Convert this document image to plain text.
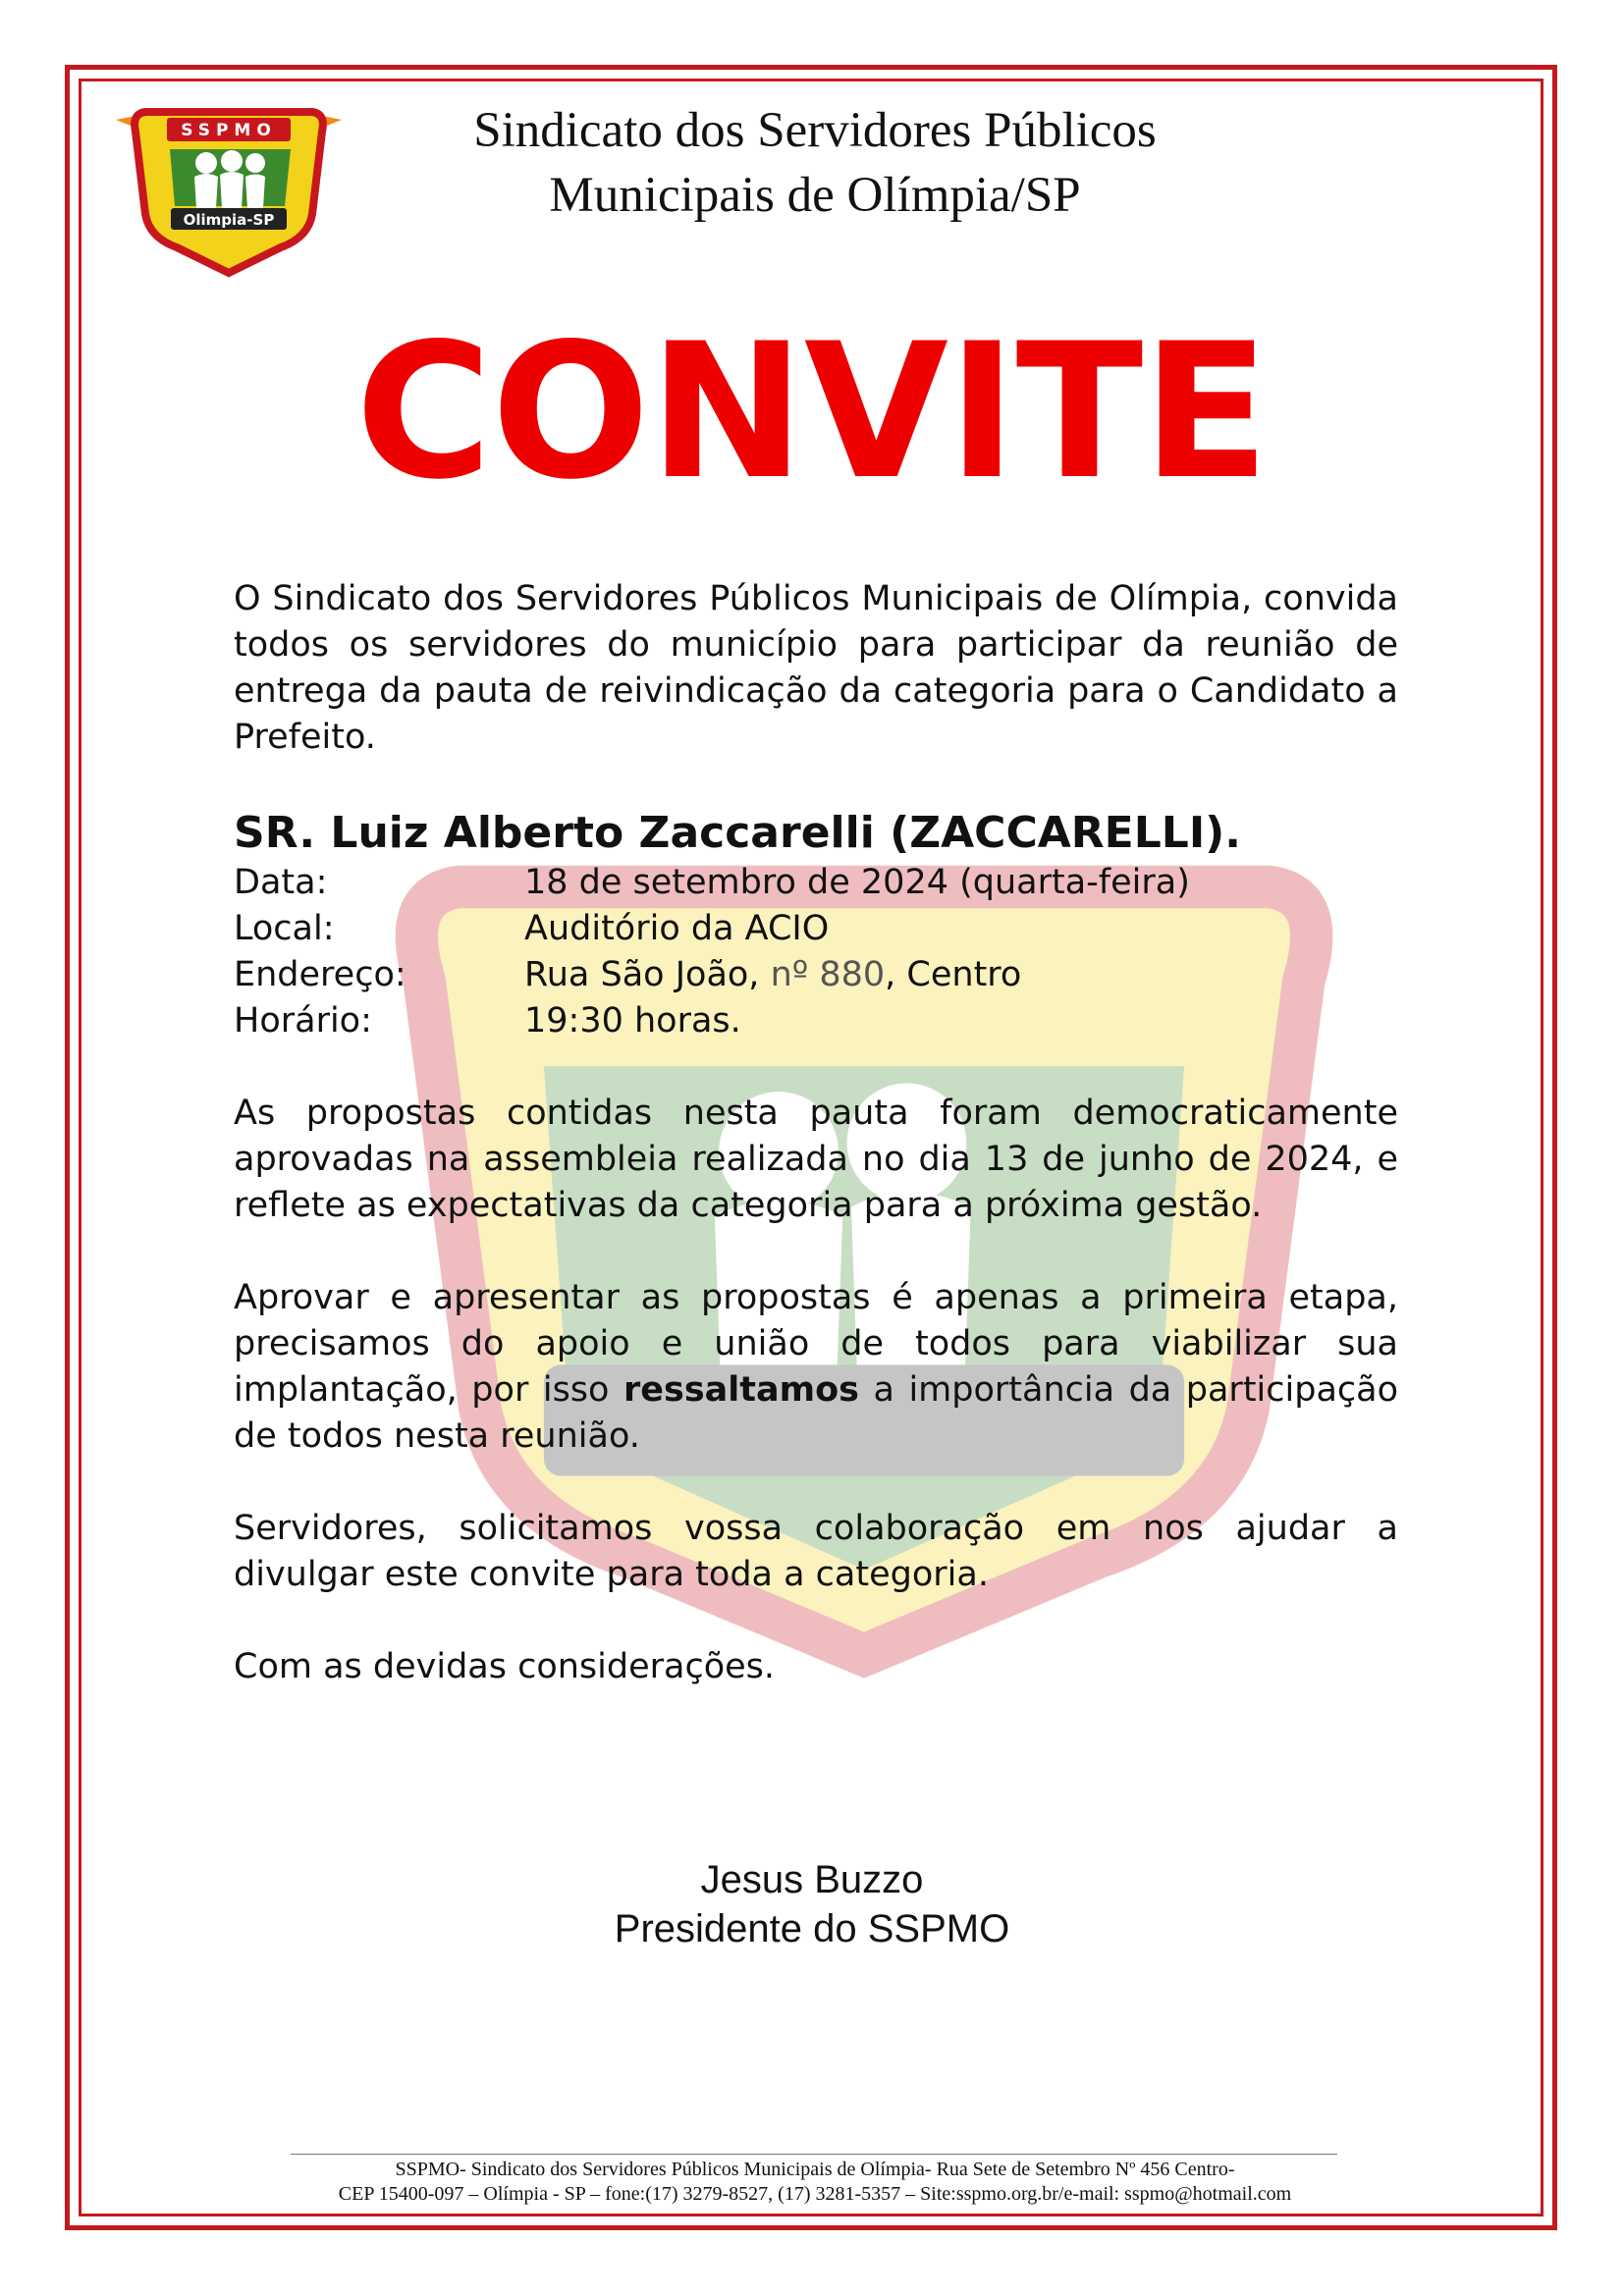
SSPMO
Olimpia-SP
Sindicato dos Servidores Públicos
Municipais de Olímpia/SP
CONVITE

O Sindicato dos Servidores Públicos Municipais de Olímpia, convida todos os servidores do município para participar da reunião de entrega da pauta de reivindicação da categoria para o Candidato a Prefeito.

SR. Luiz Alberto Zaccarelli (ZACCARELLI).

Data:	18 de setembro de 2024 (quarta-feira)
Local:	Auditório da ACIO
Endereço:	Rua São João, nº 880, Centro
Horário:	19:30 horas.

As propostas contidas nesta pauta foram democraticamente aprovadas na assembleia realizada no dia 13 de junho de 2024, e reflete as expectativas da categoria para a próxima gestão.

Aprovar e apresentar as propostas é apenas a primeira etapa, precisamos do apoio e união de todos para viabilizar sua implantação, por isso ressaltamos a importância da participação de todos nesta reunião.

Servidores, solicitamos vossa colaboração em nos ajudar a divulgar este convite para toda a categoria.

Com as devidas considerações.

Jesus Buzzo
Presidente do SSPMO
SSPMO- Sindicato dos Servidores Públicos Municipais de Olímpia- Rua Sete de Setembro Nº 456 Centro-
CEP 15400-097 – Olímpia - SP – fone:(17) 3279-8527, (17) 3281-5357 – Site:sspmo.org.br/e-mail: sspmo@hotmail.com
